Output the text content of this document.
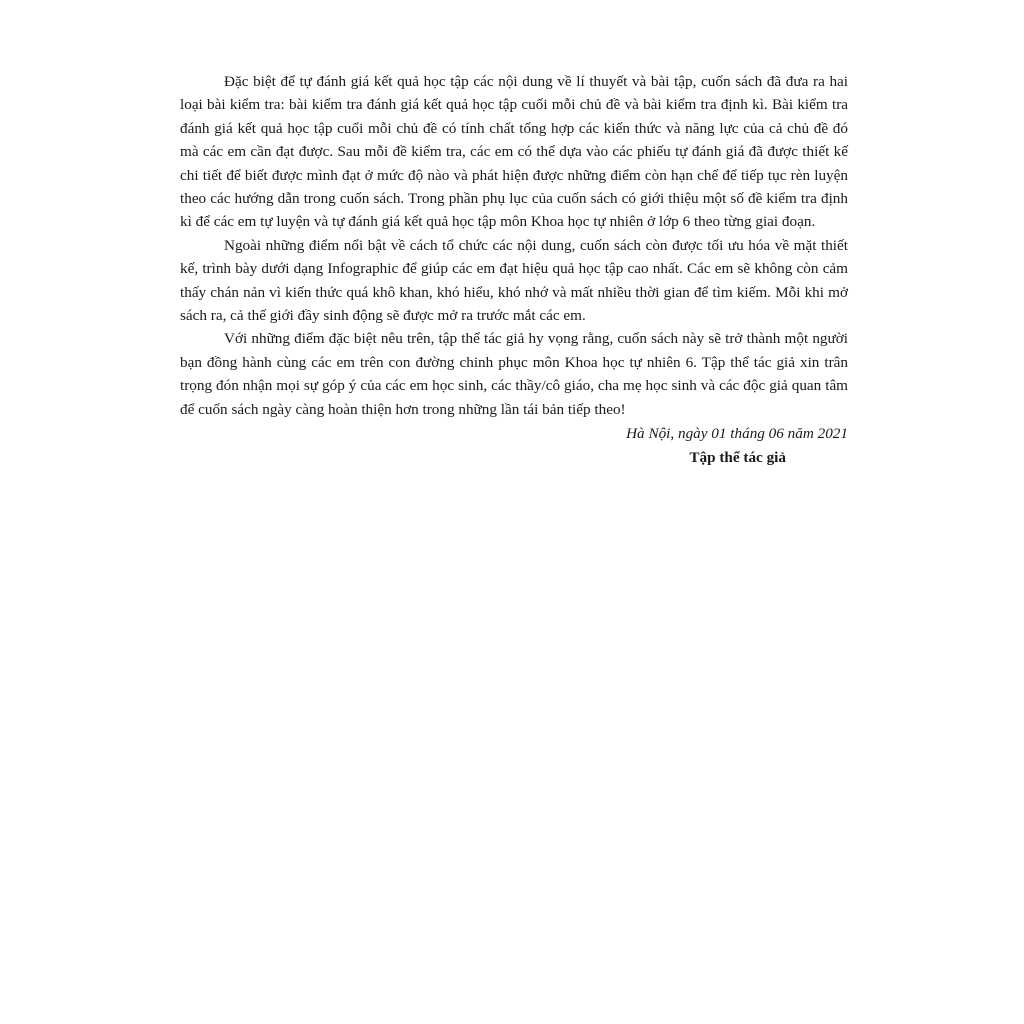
Đặc biệt để tự đánh giá kết quả học tập các nội dung về lí thuyết và bài tập, cuốn sách đã đưa ra hai loại bài kiểm tra: bài kiểm tra đánh giá kết quả học tập cuối mỗi chủ đề và bài kiểm tra định kì. Bài kiểm tra đánh giá kết quả học tập cuối mỗi chủ đề có tính chất tổng hợp các kiến thức và năng lực của cả chủ đề đó mà các em cần đạt được. Sau mỗi đề kiểm tra, các em có thể dựa vào các phiếu tự đánh giá đã được thiết kế chi tiết để biết được mình đạt ở mức độ nào và phát hiện được những điểm còn hạn chế để tiếp tục rèn luyện theo các hướng dẫn trong cuốn sách. Trong phần phụ lục của cuốn sách có giới thiệu một số đề kiểm tra định kì để các em tự luyện và tự đánh giá kết quả học tập môn Khoa học tự nhiên ở lớp 6 theo từng giai đoạn.

Ngoài những điểm nổi bật về cách tổ chức các nội dung, cuốn sách còn được tối ưu hóa về mặt thiết kế, trình bày dưới dạng Infographic để giúp các em đạt hiệu quả học tập cao nhất. Các em sẽ không còn cảm thấy chán nản vì kiến thức quá khô khan, khó hiểu, khó nhớ và mất nhiều thời gian để tìm kiếm. Mỗi khi mở sách ra, cả thế giới đầy sinh động sẽ được mở ra trước mắt các em.

Với những điểm đặc biệt nêu trên, tập thể tác giả hy vọng rằng, cuốn sách này sẽ trở thành một người bạn đồng hành cùng các em trên con đường chinh phục môn Khoa học tự nhiên 6. Tập thể tác giả xin trân trọng đón nhận mọi sự góp ý của các em học sinh, các thầy/cô giáo, cha mẹ học sinh và các độc giả quan tâm để cuốn sách ngày càng hoàn thiện hơn trong những lần tái bản tiếp theo!

Hà Nội, ngày 01 tháng 06 năm 2021

Tập thể tác giả
